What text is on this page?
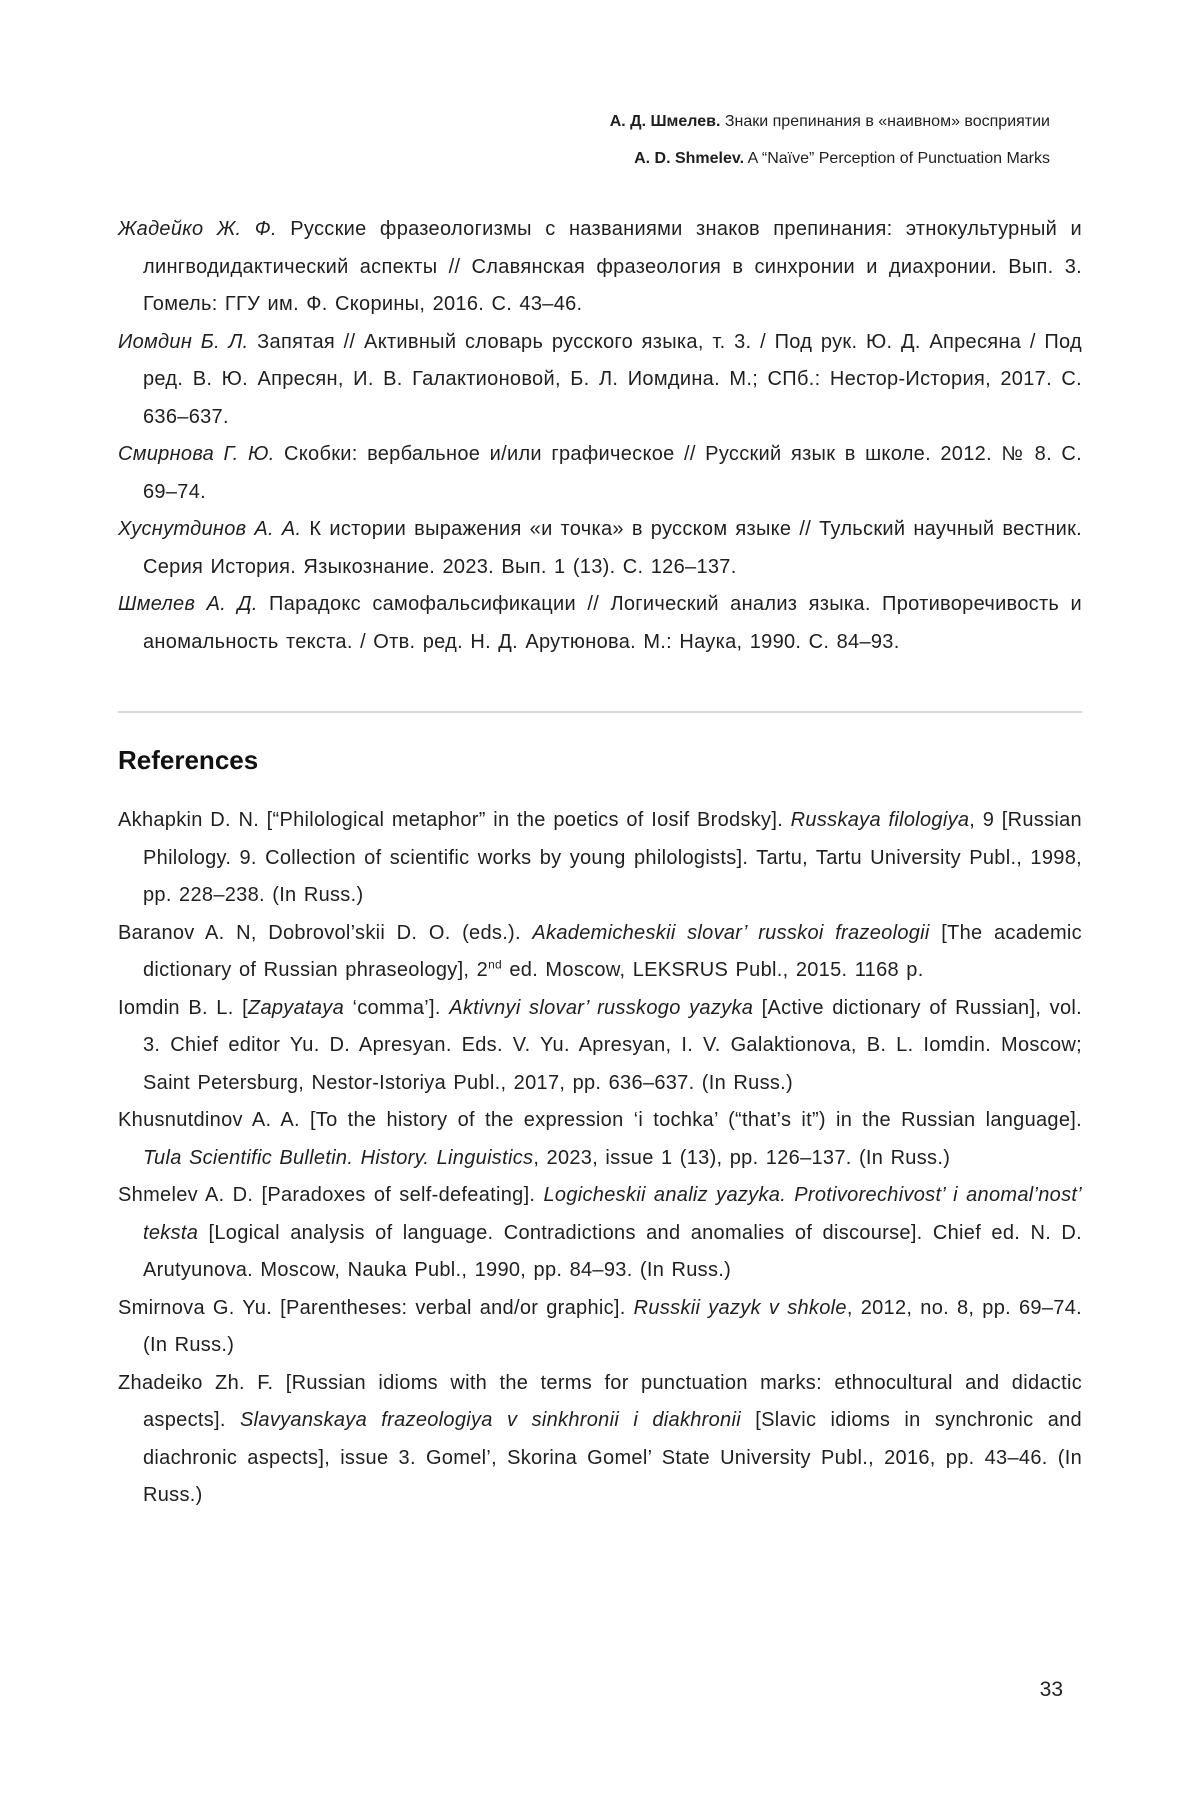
А. Д. Шмелев. Знаки препинания в «наивном» восприятии
A. D. Shmelev. A “Naïve” Perception of Punctuation Marks

Жадейко Ж. Ф. Русские фразеологизмы с названиями знаков препинания: этнокультурный и лингводидактический аспекты // Славянская фразеология в синхронии и диахронии. Вып. 3. Гомель: ГГУ им. Ф. Скорины, 2016. С. 43–46.

Иомдин Б. Л. Запятая // Активный словарь русского языка, т. 3. / Под рук. Ю. Д. Апресяна / Под ред. В. Ю. Апресян, И. В. Галактионовой, Б. Л. Иомдина. М.; СПб.: Нестор-История, 2017. С. 636–637.

Смирнова Г. Ю. Скобки: вербальное и/или графическое // Русский язык в школе. 2012. № 8. С. 69–74.

Хуснутдинов А. А. К истории выражения «и точка» в русском языке // Тульский научный вестник. Серия История. Языкознание. 2023. Вып. 1 (13). С. 126–137.

Шмелев А. Д. Парадокс самофальсификации // Логический анализ языка. Противоречивость и аномальность текста. / Отв. ред. Н. Д. Арутюнова. М.: Наука, 1990. С. 84–93.

References

Akhapkin D. N. [“Philological metaphor” in the poetics of Iosif Brodsky]. Russkaya filologiya, 9 [Russian Philology. 9. Collection of scientific works by young philologists]. Tartu, Tartu University Publ., 1998, pp. 228–238. (In Russ.)

Baranov A. N, Dobrovol’skii D. O. (eds.). Akademicheskii slovar’ russkoi frazeologii [The academic dictionary of Russian phraseology], 2nd ed. Moscow, LEKSRUS Publ., 2015. 1168 p.

Iomdin B. L. [Zapyataya ‘comma’]. Aktivnyi slovar’ russkogo yazyka [Active dictionary of Russian], vol. 3. Chief editor Yu. D. Apresyan. Eds. V. Yu. Apresyan, I. V. Galaktionova, B. L. Iomdin. Moscow; Saint Petersburg, Nestor-Istoriya Publ., 2017, pp. 636–637. (In Russ.)

Khusnutdinov A. A. [To the history of the expression ‘i tochka’ (“that’s it”) in the Russian language]. Tula Scientific Bulletin. History. Linguistics, 2023, issue 1 (13), pp. 126–137. (In Russ.)

Shmelev A. D. [Paradoxes of self-defeating]. Logicheskii analiz yazyka. Protivorechivost’ i anomal’nost’ teksta [Logical analysis of language. Contradictions and anomalies of discourse]. Chief ed. N. D. Arutyunova. Moscow, Nauka Publ., 1990, pp. 84–93. (In Russ.)

Smirnova G. Yu. [Parentheses: verbal and/or graphic]. Russkii yazyk v shkole, 2012, no. 8, pp. 69–74. (In Russ.)

Zhadeiko Zh. F. [Russian idioms with the terms for punctuation marks: ethnocultural and didactic aspects]. Slavyanskaya frazeologiya v sinkhronii i diakhronii [Slavic idioms in synchronic and diachronic aspects], issue 3. Gomel’, Skorina Gomel’ State University Publ., 2016, pp. 43–46. (In Russ.)

33
